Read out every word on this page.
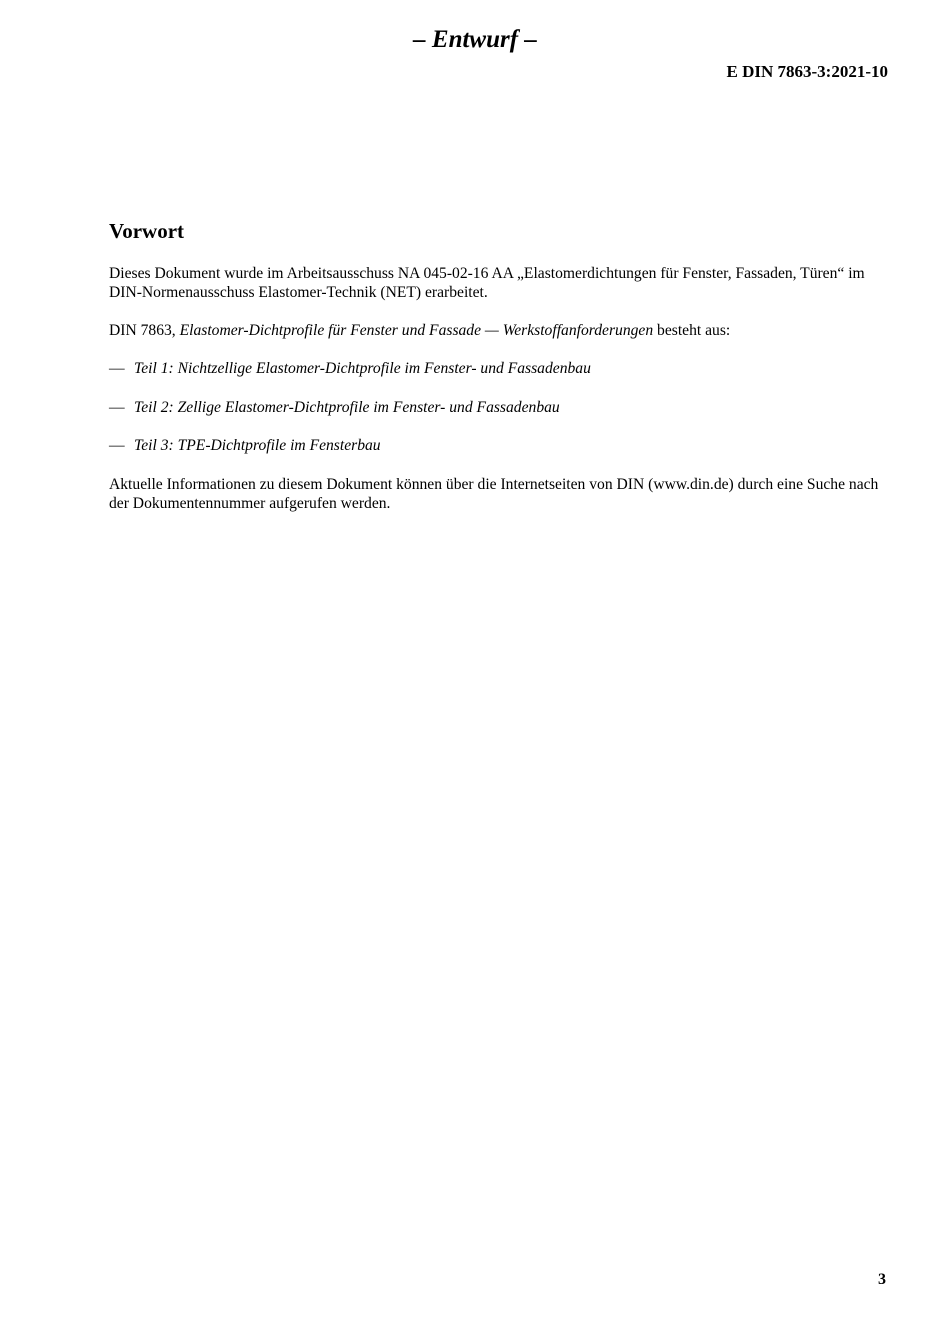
– Entwurf –
E DIN 7863-3:2021-10
Vorwort

Dieses Dokument wurde im Arbeitsausschuss NA 045-02-16 AA „Elastomerdichtungen für Fenster, Fassaden, Türen“ im DIN-Normenausschuss Elastomer-Technik (NET) erarbeitet.

DIN 7863, Elastomer-Dichtprofile für Fenster und Fassade — Werkstoffanforderungen besteht aus:

— Teil 1: Nichtzellige Elastomer-Dichtprofile im Fenster- und Fassadenbau
— Teil 2: Zellige Elastomer-Dichtprofile im Fenster- und Fassadenbau
— Teil 3: TPE-Dichtprofile im Fensterbau

Aktuelle Informationen zu diesem Dokument können über die Internetseiten von DIN (www.din.de) durch eine Suche nach der Dokumentennummer aufgerufen werden.

3
